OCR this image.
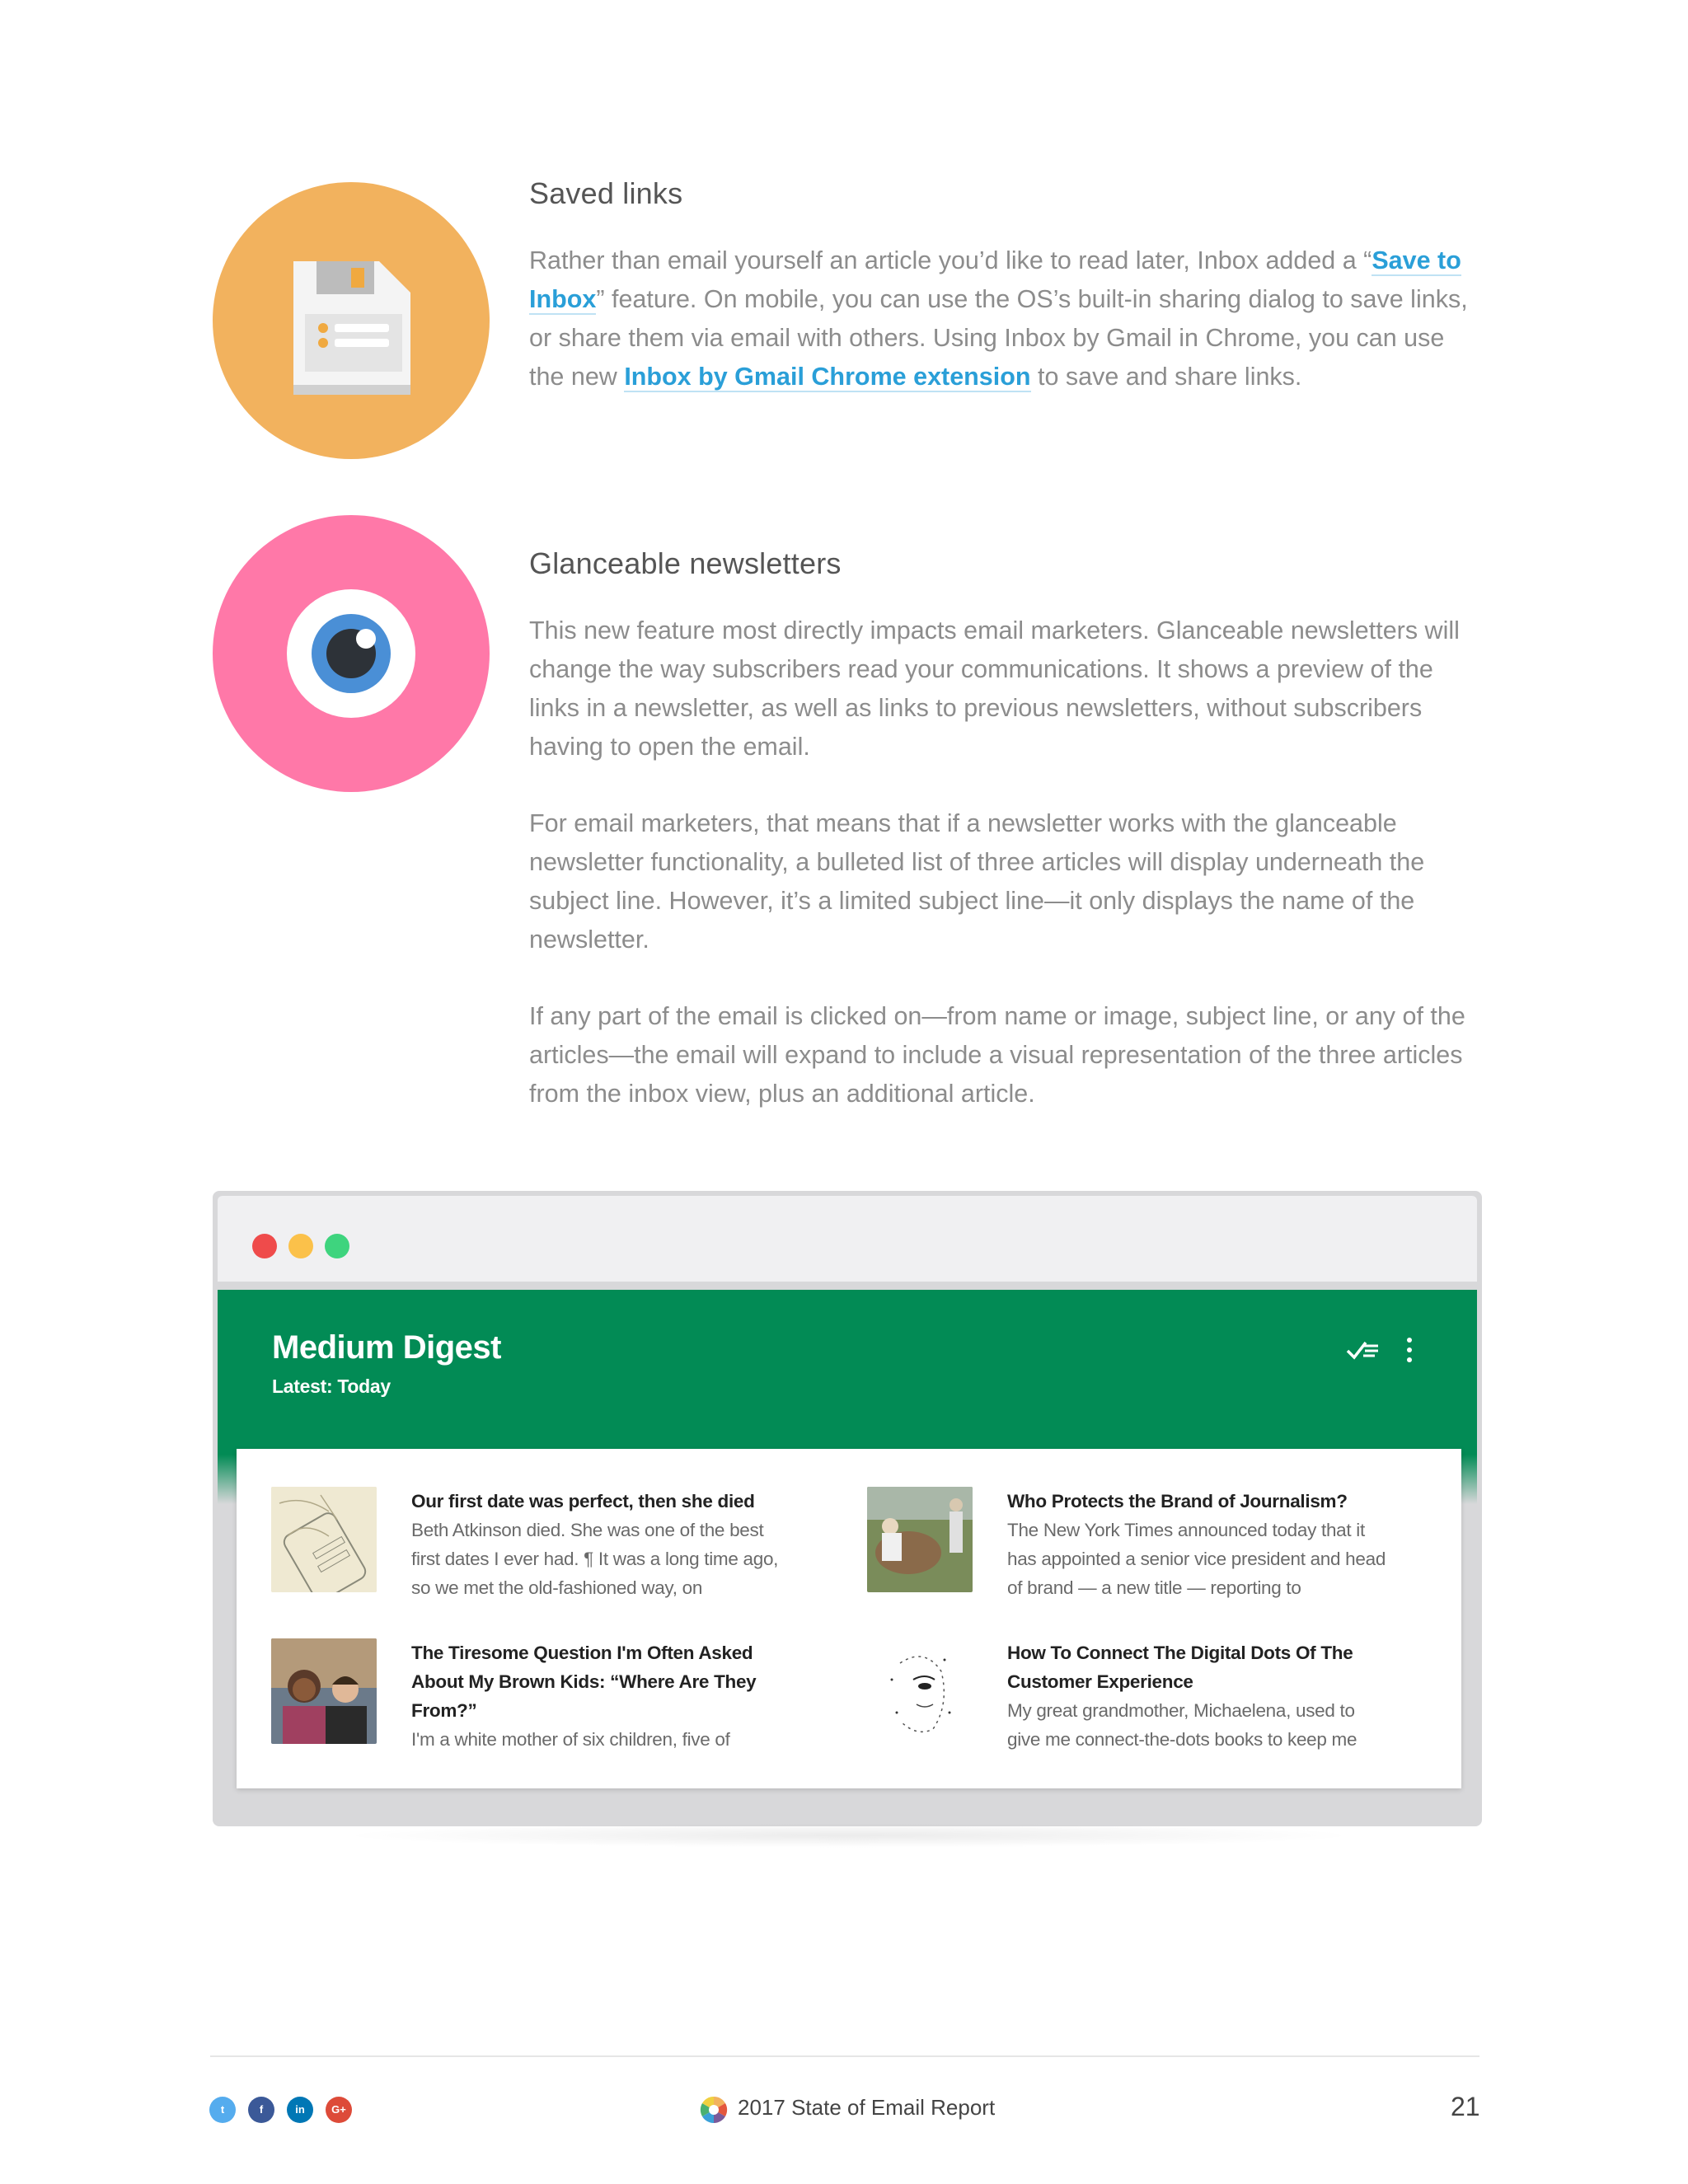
Saved links
Rather than email yourself an article you’d like to read later, Inbox added a “Save to Inbox” feature. On mobile, you can use the OS’s built-in sharing dialog to save links, or share them via email with others. Using Inbox by Gmail in Chrome, you can use the new Inbox by Gmail Chrome extension to save and share links.
Glanceable newsletters
This new feature most directly impacts email marketers. Glanceable newsletters will change the way subscribers read your communications. It shows a preview of the links in a newsletter, as well as links to previous newsletters, without subscribers having to open the email.
For email marketers, that means that if a newsletter works with the glanceable newsletter functionality, a bulleted list of three articles will display underneath the subject line. However, it’s a limited subject line—it only displays the name of the newsletter.
If any part of the email is clicked on—from name or image, subject line, or any of the articles—the email will expand to include a visual representation of the three articles from the inbox view, plus an additional article.
Medium Digest
Latest: Today
Our first date was perfect, then she died
Beth Atkinson died. She was one of the best first dates I ever had. ¶ It was a long time ago, so we met the old-fashioned way, on
Who Protects the Brand of Journalism?
The New York Times announced today that it has appointed a senior vice president and head of brand — a new title — reporting to
The Tiresome Question I'm Often Asked About My Brown Kids: “Where Are They From?”
I'm a white mother of six children, five of
How To Connect The Digital Dots Of The Customer Experience
My great grandmother, Michaelena, used to give me connect-the-dots books to keep me
t	f	in	G+	2017 State of Email Report	21
